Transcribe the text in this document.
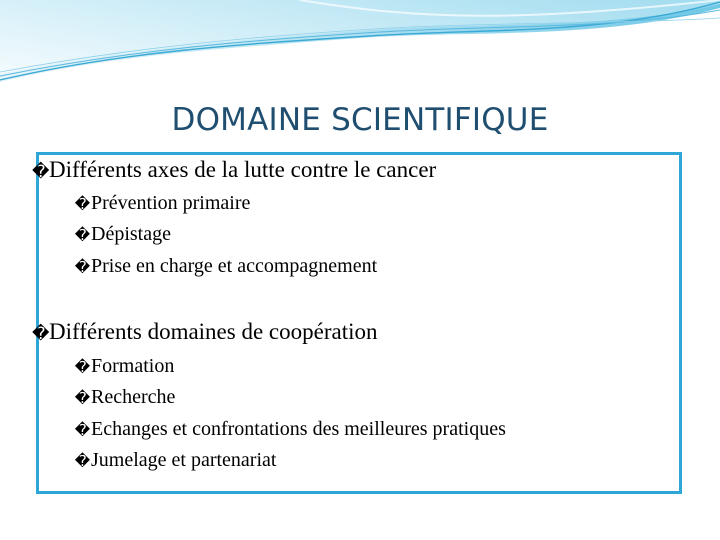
DOMAINE SCIENTIFIQUE
�Différents axes de la lutte contre le cancer
�Prévention primaire
�Dépistage
�Prise en charge et accompagnement
�Différents domaines de coopération
�Formation
�Recherche
�Echanges et confrontations des meilleures pratiques
�Jumelage et partenariat
